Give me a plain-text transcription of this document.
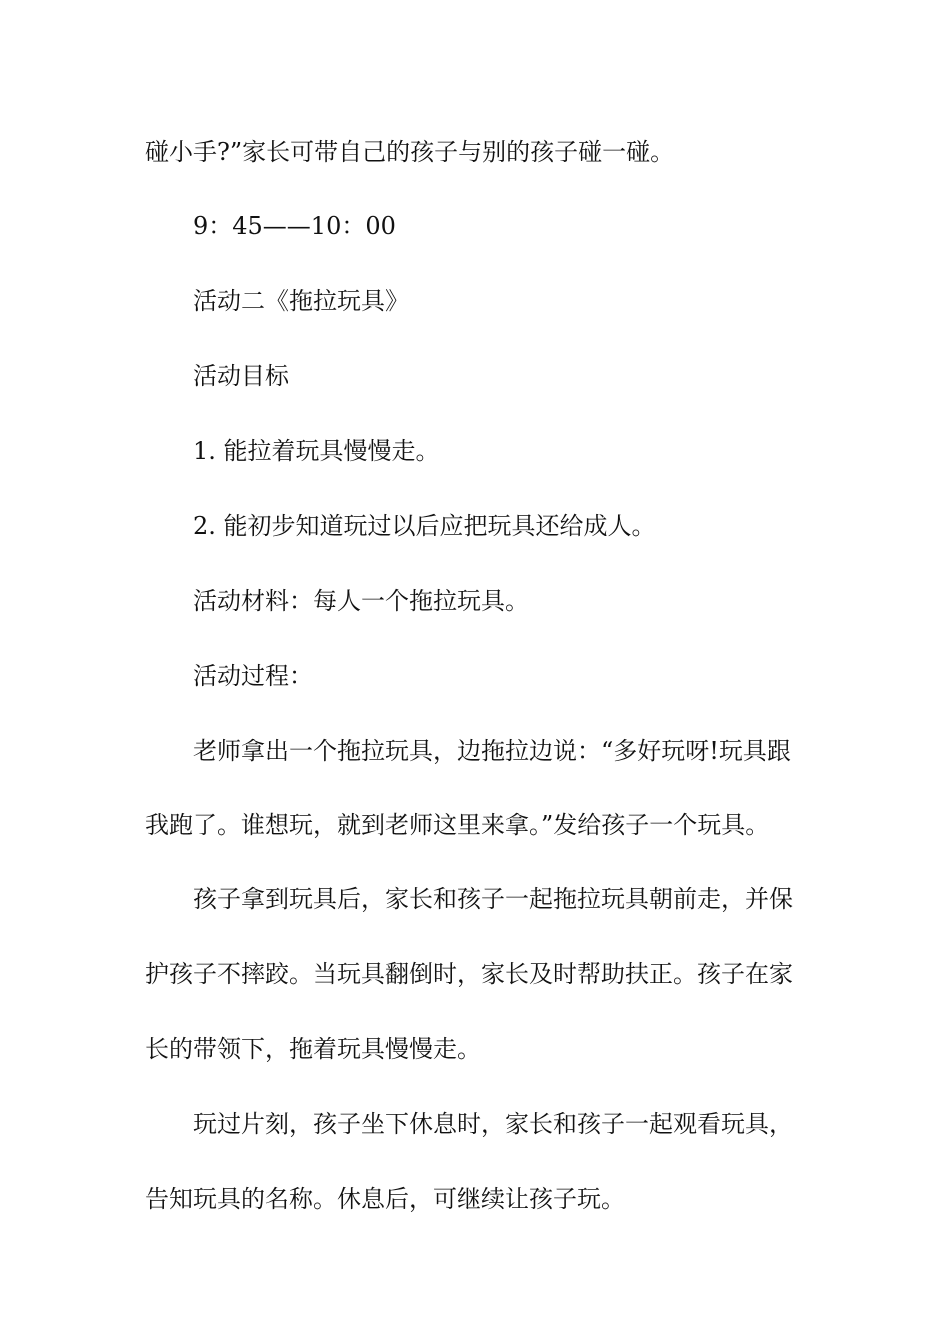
碰小手?”家长可带自己的孩子与别的孩子碰一碰。
9：45——10：00
活动二《拖拉玩具》
活动目标
1. 能拉着玩具慢慢走。
2. 能初步知道玩过以后应把玩具还给成人。
活动材料：每人一个拖拉玩具。
活动过程：
老师拿出一个拖拉玩具，边拖拉边说：“多好玩呀!玩具跟
我跑了。谁想玩，就到老师这里来拿。”发给孩子一个玩具。
孩子拿到玩具后，家长和孩子一起拖拉玩具朝前走，并保
护孩子不摔跤。当玩具翻倒时，家长及时帮助扶正。孩子在家
长的带领下，拖着玩具慢慢走。
玩过片刻，孩子坐下休息时，家长和孩子一起观看玩具，
告知玩具的名称。休息后，可继续让孩子玩。
